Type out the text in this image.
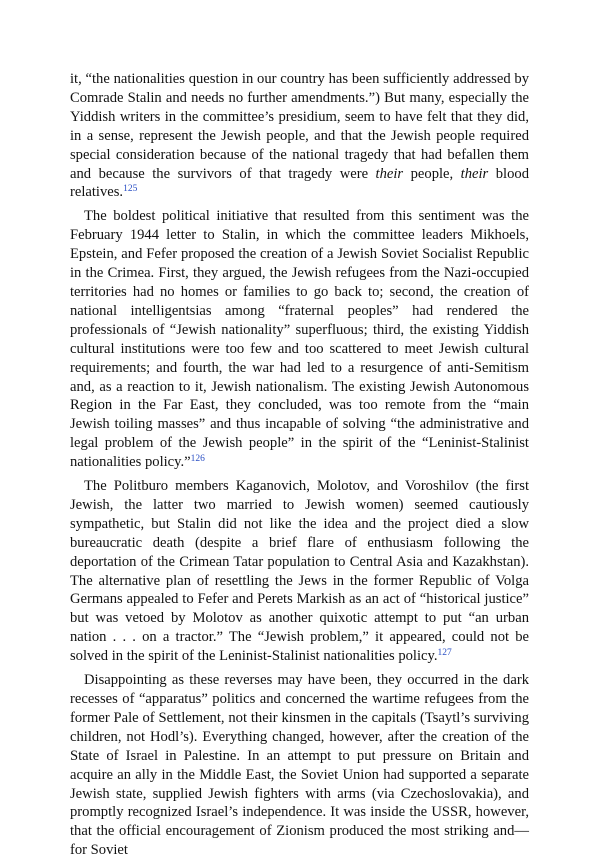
it, “the nationalities question in our country has been sufficiently addressed by Comrade Stalin and needs no further amendments.”) But many, especially the Yiddish writers in the committee’s presidium, seem to have felt that they did, in a sense, represent the Jewish people, and that the Jewish people required special consideration because of the national tragedy that had befallen them and because the survivors of that tragedy were their people, their blood relatives.$^{125}$

The boldest political initiative that resulted from this sentiment was the February 1944 letter to Stalin, in which the committee leaders Mikhoels, Epstein, and Fefer proposed the creation of a Jewish Soviet Socialist Republic in the Crimea. First, they argued, the Jewish refugees from the Nazi-occupied territories had no homes or families to go back to; second, the creation of national intelligentsias among “fraternal peoples” had rendered the professionals of “Jewish nationality” superfluous; third, the existing Yiddish cultural institutions were too few and too scattered to meet Jewish cultural requirements; and fourth, the war had led to a resurgence of anti-Semitism and, as a reaction to it, Jewish nationalism. The existing Jewish Autonomous Region in the Far East, they concluded, was too remote from the “main Jewish toiling masses” and thus incapable of solving “the administrative and legal problem of the Jewish people” in the spirit of the “Leninist-Stalinist nationalities policy.”$^{126}$

The Politburo members Kaganovich, Molotov, and Voroshilov (the first Jewish, the latter two married to Jewish women) seemed cautiously sympathetic, but Stalin did not like the idea and the project died a slow bureaucratic death (despite a brief flare of enthusiasm following the deportation of the Crimean Tatar population to Central Asia and Kazakhstan). The alternative plan of resettling the Jews in the former Republic of Volga Germans appealed to Fefer and Perets Markish as an act of “historical justice” but was vetoed by Molotov as another quixotic attempt to put “an urban nation . . . on a tractor.” The “Jewish problem,” it appeared, could not be solved in the spirit of the Leninist-Stalinist nationalities policy.$^{127}$

Disappointing as these reverses may have been, they occurred in the dark recesses of “apparatus” politics and concerned the wartime refugees from the former Pale of Settlement, not their kinsmen in the capitals (Tsaytl’s surviving children, not Hodl’s). Everything changed, however, after the creation of the State of Israel in Palestine. In an attempt to put pressure on Britain and acquire an ally in the Middle East, the Soviet Union had supported a separate Jewish state, supplied Jewish fighters with arms (via Czechoslovakia), and promptly recognized Israel’s independence. It was inside the USSR, however, that the official encouragement of Zionism produced the most striking and—for Soviet
